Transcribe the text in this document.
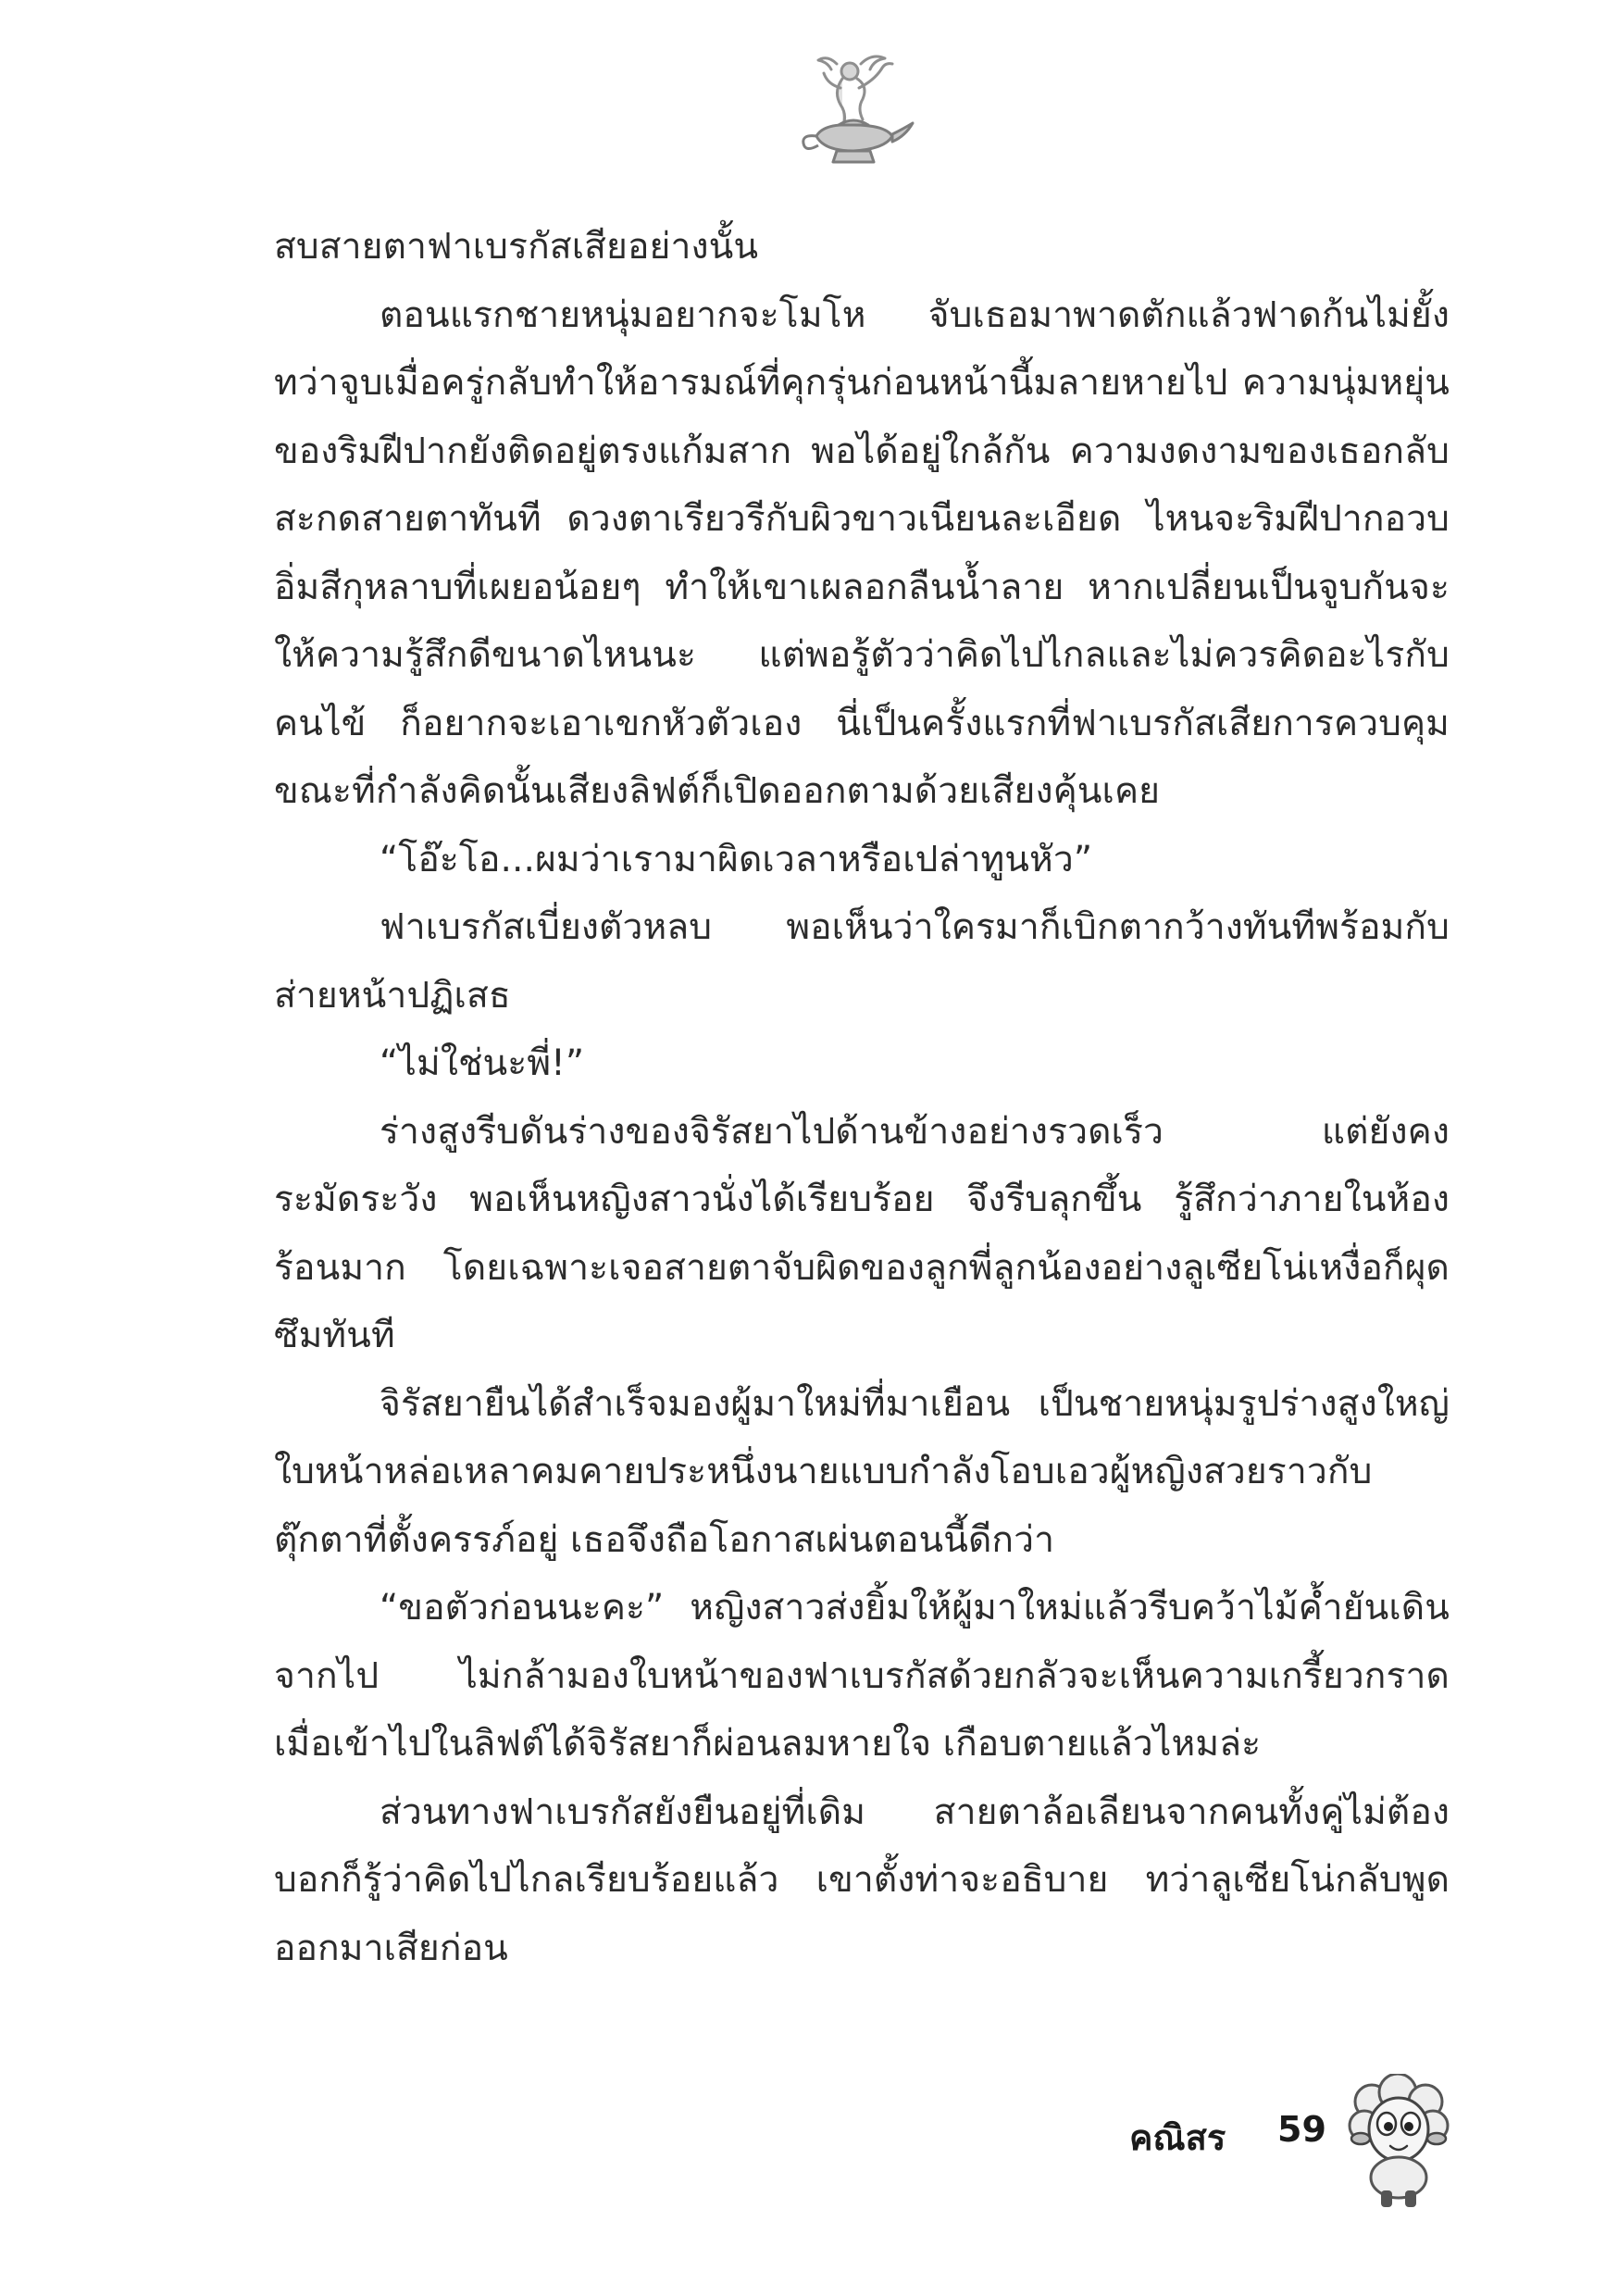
สบสายตาฟาเบรกัสเสียอย่างนั้น

ตอนแรกชายหนุ่มอยากจะโมโห จับเธอมาพาดตักแล้วฟาดก้นไม่ยั้ง ทว่าจูบเมื่อครู่กลับทำให้อารมณ์ที่คุกรุ่นก่อนหน้านี้มลายหายไป ความนุ่มหยุ่นของริมฝีปากยังติดอยู่ตรงแก้มสาก พอได้อยู่ใกล้กัน ความงดงามของเธอกลับสะกดสายตาทันที ดวงตาเรียวรีกับผิวขาวเนียนละเอียด ไหนจะริมฝีปากอวบอิ่มสีกุหลาบที่เผยอน้อยๆ ทำให้เขาเผลอกลืนน้ำลาย หากเปลี่ยนเป็นจูบกันจะให้ความรู้สึกดีขนาดไหนนะ แต่พอรู้ตัวว่าคิดไปไกลและไม่ควรคิดอะไรกับคนไข้ ก็อยากจะเอาเขกหัวตัวเอง นี่เป็นครั้งแรกที่ฟาเบรกัสเสียการควบคุม ขณะที่กำลังคิดนั้นเสียงลิฟต์ก็เปิดออกตามด้วยเสียงคุ้นเคย

“โอ๊ะโอ...ผมว่าเรามาผิดเวลาหรือเปล่าทูนหัว”

ฟาเบรกัสเบี่ยงตัวหลบ พอเห็นว่าใครมาก็เบิกตากว้างทันทีพร้อมกับส่ายหน้าปฏิเสธ

“ไม่ใช่นะพี่!”

ร่างสูงรีบดันร่างของจิรัสยาไปด้านข้างอย่างรวดเร็ว แต่ยังคงระมัดระวัง พอเห็นหญิงสาวนั่งได้เรียบร้อย จึงรีบลุกขึ้น รู้สึกว่าภายในห้องร้อนมาก โดยเฉพาะเจอสายตาจับผิดของลูกพี่ลูกน้องอย่างลูเซียโน่เหงื่อก็ผุดซึมทันที

จิรัสยายืนได้สำเร็จมองผู้มาใหม่ที่มาเยือน เป็นชายหนุ่มรูปร่างสูงใหญ่ ใบหน้าหล่อเหลาคมคายประหนึ่งนายแบบกำลังโอบเอวผู้หญิงสวยราวกับตุ๊กตาที่ตั้งครรภ์อยู่ เธอจึงถือโอกาสเผ่นตอนนี้ดีกว่า

“ขอตัวก่อนนะคะ” หญิงสาวส่งยิ้มให้ผู้มาใหม่แล้วรีบคว้าไม้ค้ำยันเดินจากไป ไม่กล้ามองใบหน้าของฟาเบรกัสด้วยกลัวจะเห็นความเกรี้ยวกราด เมื่อเข้าไปในลิฟต์ได้จิรัสยาก็ผ่อนลมหายใจ เกือบตายแล้วไหมล่ะ

ส่วนทางฟาเบรกัสยังยืนอยู่ที่เดิม สายตาล้อเลียนจากคนทั้งคู่ไม่ต้องบอกก็รู้ว่าคิดไปไกลเรียบร้อยแล้ว เขาตั้งท่าจะอธิบาย ทว่าลูเซียโน่กลับพูดออกมาเสียก่อน

คณิสร 59
